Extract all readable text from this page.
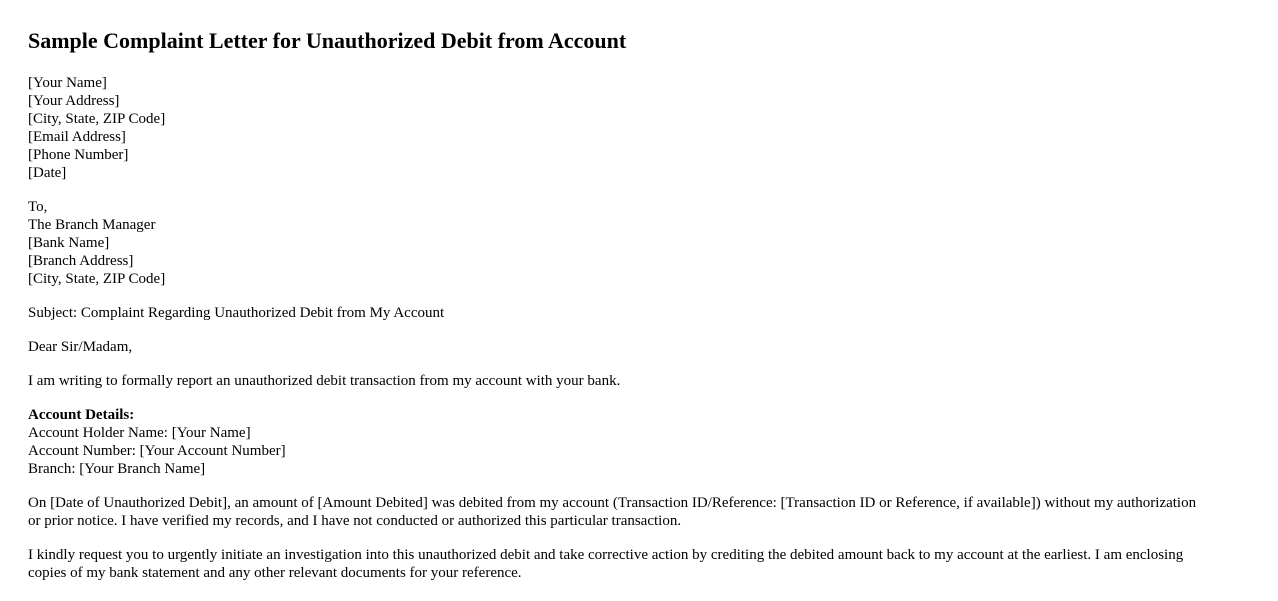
Sample Complaint Letter for Unauthorized Debit from Account
[Your Name]
[Your Address]
[City, State, ZIP Code]
[Email Address]
[Phone Number]
[Date]
To,
The Branch Manager
[Bank Name]
[Branch Address]
[City, State, ZIP Code]

Subject: Complaint Regarding Unauthorized Debit from My Account

Dear Sir/Madam,

I am writing to formally report an unauthorized debit transaction from my account with your bank.

Account Details:
Account Holder Name: [Your Name]
Account Number: [Your Account Number]
Branch: [Your Branch Name]

On [Date of Unauthorized Debit], an amount of [Amount Debited] was debited from my account (Transaction ID/Reference: [Transaction ID or Reference, if available]) without my authorization or prior notice. I have verified my records, and I have not conducted or authorized this particular transaction.

I kindly request you to urgently initiate an investigation into this unauthorized debit and take corrective action by crediting the debited amount back to my account at the earliest. I am enclosing copies of my bank statement and any other relevant documents for your reference.
